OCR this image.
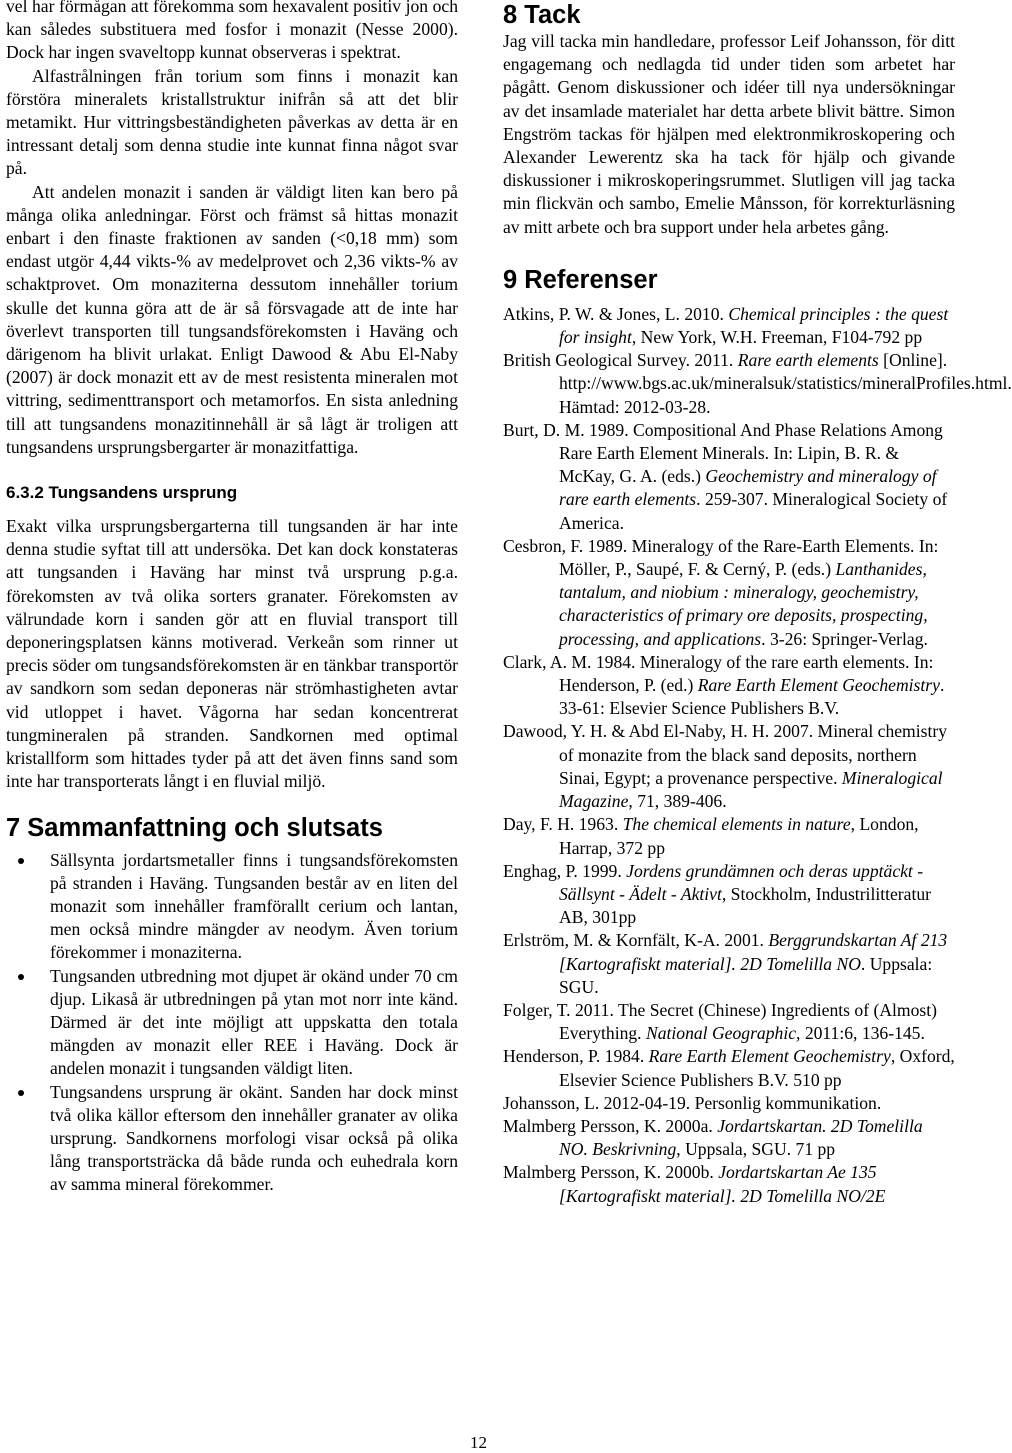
vel har förmågan att förekomma som hexavalent positiv jon och kan således substituera med fosfor i monazit (Nesse 2000). Dock har ingen svaveltopp kunnat observeras i spektrat.

Alfastrålningen från torium som finns i monazit kan förstöra mineralets kristallstruktur inifrån så att det blir metamikt. Hur vittringsbeständigheten påverkas av detta är en intressant detalj som denna studie inte kunnat finna något svar på.

Att andelen monazit i sanden är väldigt liten kan bero på många olika anledningar. Först och främst så hittas monazit enbart i den finaste fraktionen av sanden (<0,18 mm) som endast utgör 4,44 vikts-% av medelprovet och 2,36 vikts-% av schaktprovet. Om monaziterna dessutom innehåller torium skulle det kunna göra att de är så försvagade att de inte har överlevt transporten till tungsandsförekomsten i Haväng och därigenom ha blivit urlakat. Enligt Dawood & Abu El-Naby (2007) är dock monazit ett av de mest resistenta mineralen mot vittring, sedimenttransport och metamorfos. En sista anledning till att tungsandens monazitinnehåll är så lågt är troligen att tungsandens ursprungsbergarter är monazitfattiga.

6.3.2 Tungsandens ursprung

Exakt vilka ursprungsbergarterna till tungsanden är har inte denna studie syftat till att undersöka. Det kan dock konstateras att tungsanden i Haväng har minst två ursprung p.g.a. förekomsten av två olika sorters granater. Förekomsten av välrundade korn i sanden gör att en fluvial transport till deponeringsplatsen känns motiverad. Verkeån som rinner ut precis söder om tungsandsförekomsten är en tänkbar transportör av sandkorn som sedan deponeras när strömhastigheten avtar vid utloppet i havet. Vågorna har sedan koncentrerat tungmineralen på stranden. Sandkornen med optimal kristallform som hittades tyder på att det även finns sand som inte har transporterats långt i en fluvial miljö.

7 Sammanfattning och slutsats
Sällsynta jordartsmetaller finns i tungsandsförekomsten på stranden i Haväng. Tungsanden består av en liten del monazit som innehåller framförallt cerium och lantan, men också mindre mängder av neodym. Även torium förekommer i monaziterna.
Tungsanden utbredning mot djupet är okänd under 70 cm djup. Likaså är utbredningen på ytan mot norr inte känd. Därmed är det inte möjligt att uppskatta den totala mängden av monazit eller REE i Haväng. Dock är andelen monazit i tungsanden väldigt liten.
Tungsandens ursprung är okänt. Sanden har dock minst två olika källor eftersom den innehåller granater av olika ursprung. Sandkornens morfologi visar också på olika lång transportsträcka då både runda och euhedrala korn av samma mineral förekommer.
8 Tack

Jag vill tacka min handledare, professor Leif Johansson, för ditt engagemang och nedlagda tid under tiden som arbetet har pågått. Genom diskussioner och idéer till nya undersökningar av det insamlade materialet har detta arbete blivit bättre. Simon Engström tackas för hjälpen med elektronmikroskopering och Alexander Lewerentz ska ha tack för hjälp och givande diskussioner i mikroskoperingsrummet. Slutligen vill jag tacka min flickvän och sambo, Emelie Månsson, för korrekturläsning av mitt arbete och bra support under hela arbetes gång.

9 Referenser
Atkins, P. W. & Jones, L. 2010. Chemical principles : the quest for insight, New York, W.H. Freeman, F104-792 pp
British Geological Survey. 2011. Rare earth elements [Online]. http://www.bgs.ac.uk/mineralsuk/statistics/mineralProfiles.html. Hämtad: 2012-03-28.
Burt, D. M. 1989. Compositional And Phase Relations Among Rare Earth Element Minerals. In: Lipin, B. R. & McKay, G. A. (eds.) Geochemistry and mineralogy of rare earth elements. 259-307. Mineralogical Society of America.
Cesbron, F. 1989. Mineralogy of the Rare-Earth Elements. In: Möller, P., Saupé, F. & Cerný, P. (eds.) Lanthanides, tantalum, and niobium : mineralogy, geochemistry, characteristics of primary ore deposits, prospecting, processing, and applications. 3-26: Springer-Verlag.
Clark, A. M. 1984. Mineralogy of the rare earth elements. In: Henderson, P. (ed.) Rare Earth Element Geochemistry. 33-61: Elsevier Science Publishers B.V.
Dawood, Y. H. & Abd El-Naby, H. H. 2007. Mineral chemistry of monazite from the black sand deposits, northern Sinai, Egypt; a provenance perspective. Mineralogical Magazine, 71, 389-406.
Day, F. H. 1963. The chemical elements in nature, London, Harrap, 372 pp
Enghag, P. 1999. Jordens grundämnen och deras upptäckt - Sällsynt - Ädelt - Aktivt, Stockholm, Industrilitteratur AB, 301pp
Erlström, M. & Kornfält, K-A. 2001. Berggrundskartan Af 213 [Kartografiskt material]. 2D Tomelilla NO. Uppsala: SGU.
Folger, T. 2011. The Secret (Chinese) Ingredients of (Almost) Everything. National Geographic, 2011:6, 136-145.
Henderson, P. 1984. Rare Earth Element Geochemistry, Oxford, Elsevier Science Publishers B.V. 510 pp
Johansson, L. 2012-04-19. Personlig kommunikation.
Malmberg Persson, K. 2000a. Jordartskartan. 2D Tomelilla NO. Beskrivning, Uppsala, SGU. 71 pp
Malmberg Persson, K. 2000b. Jordartskartan Ae 135 [Kartografiskt material]. 2D Tomelilla NO/2E
12
